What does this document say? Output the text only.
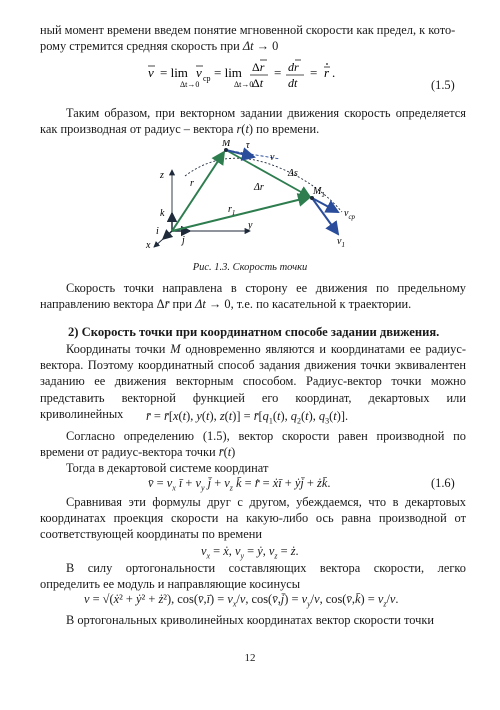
ный момент времени введем понятие мгновенной скорости как предел, к кото-
рому стремится средняя скорость при Δt → 0

v = lim
Δt→0
v ср = lim
Δt→0
Δr
Δt
= dr
dt
= r .
(1.5)

Таким образом, при векторном задании движения скорость определяется как производная от радиус – вектора r(t) по времени.

M τ
v
z
r	Δr
Δs
$M_1$
k	$r_1$	$v_{ср}$
$v_1$
i
j
y
x
Рис. 1.3. Скорость точки

Скорость точки направлена в сторону ее движения по предельному направлению вектора Δr̄ при Δt → 0, т.е. по касательной к траектории.

2) Скорость точки при координатном способе задании движения.

Координаты точки M одновременно являются и координатами ее радиус-вектора. Поэтому координатный способ задания движения точки эквивалентен заданию ее движения векторным способом. Радиус-вектор точки можно представить векторной функцией его координат, декартовых или криволинейных	r̄ = r̄[x(t), y(t), $z(t)] = r̄[q_1(t)$, $q_2(t)$, $q_3(t)$].

Согласно определению (1.5), вектор скорости равен производной по времени от радиус-вектора точки r̄(t)

Тогда в декартовой системе координат

v̄ = $v_x$ ī + $v_y$ j̄ + $v_z$ k̄ = r̄̇ = ẋī + ẏj̄ + żk̄.	(1.6)

Сравнивая эти формулы друг с другом, убеждаемся, что в декартовых координатах проекция скорости на какую-либо ось равна производной от соответствующей координаты по времени

$v_x$ = ẋ, $v_y$ = ẏ, $v_z$ = ż.

В силу ортогональности составляющих вектора скорости, легко определить ее модуль и направляющие косинусы

v = √(ẋ² + ẏ² + ż²), cos(v̄,ī) = $v_x/v$, cos(v̄,j̄) = $v_y/v$, cos(v̄,k̄) = $v_z/v$.

В ортогональных криволинейных координатах вектор скорости точки

12
